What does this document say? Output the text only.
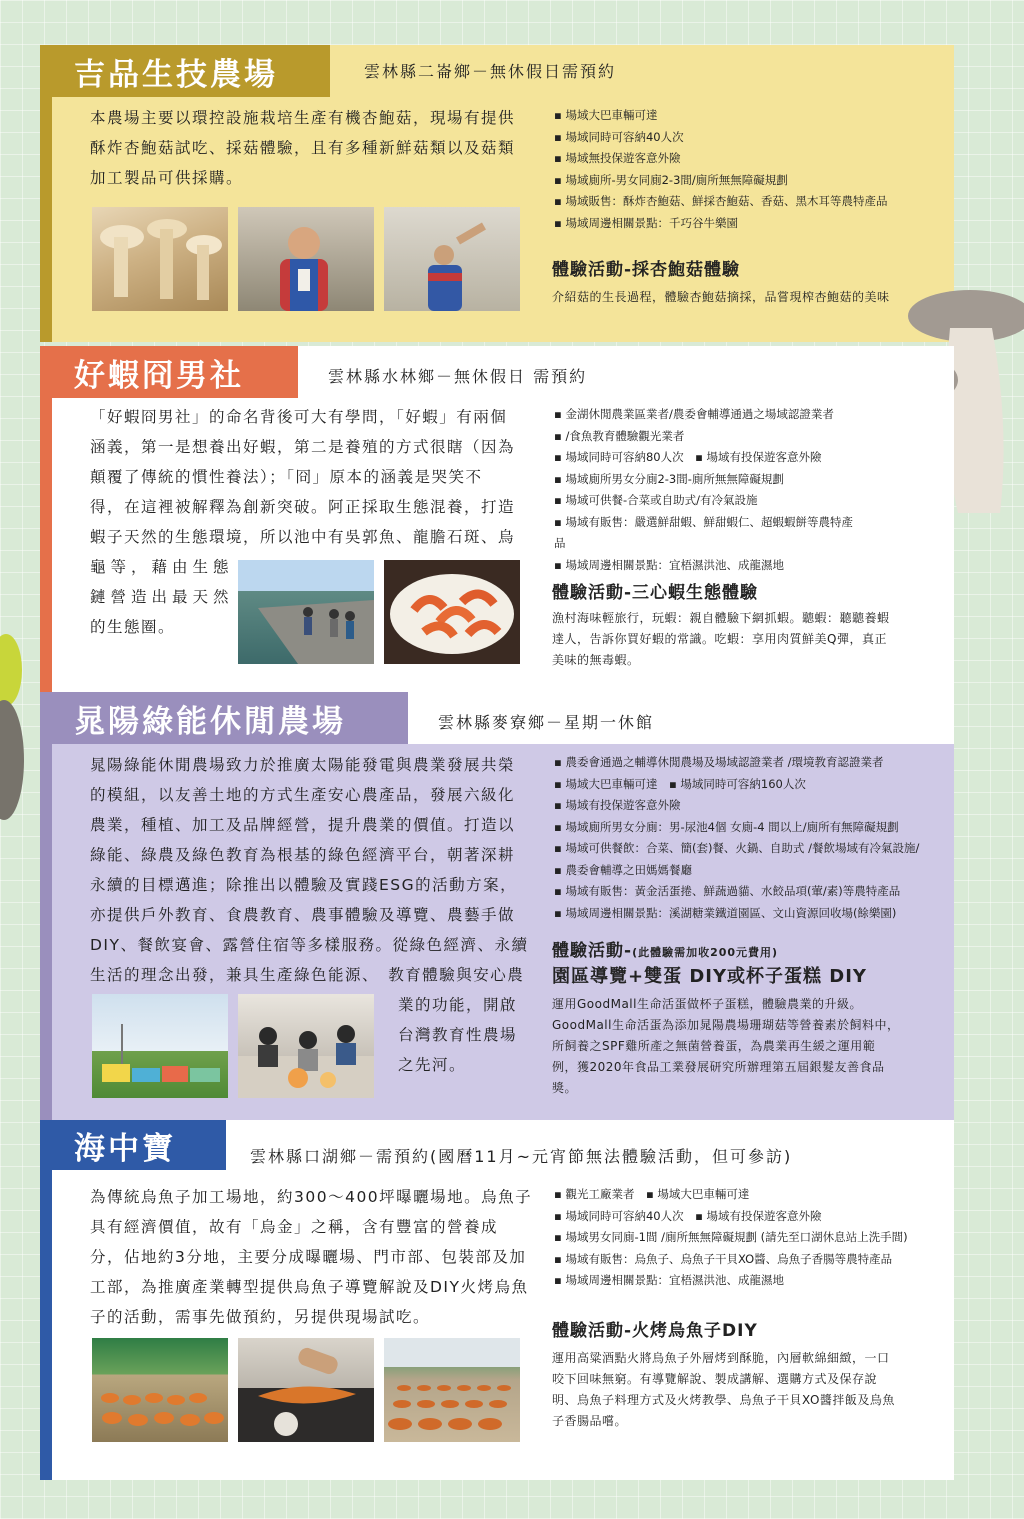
吉品生技農場	雲林縣二崙鄉－無休假日需預約
本農場主要以環控設施栽培生產有機杏鮑菇，現場有提供
酥炸杏鮑菇試吃、採菇體驗，且有多種新鮮菇類以及菇類
加工製品可供採購。
▪ 場域大巴車輛可達
▪ 場域同時可容納40人次
▪ 場域無投保遊客意外險
▪ 場域廁所-男女同廁2-3間/廁所無無障礙規劃
▪ 場域販售：酥炸杏鮑菇、鮮採杏鮑菇、香菇、黑木耳等農特產品
▪ 場域周邊相關景點：千巧谷牛樂園
體驗活動-採杏鮑菇體驗
介紹菇的生長過程，體驗杏鮑菇摘採，品嘗現榨杏鮑菇的美味
好蝦冏男社	雲林縣水林鄉－無休假日 需預約
「好蝦冏男社」的命名背後可大有學問，「好蝦」有兩個
涵義，第一是想養出好蝦，第二是養殖的方式很瞎（因為
顛覆了傳統的慣性養法）；「冏」原本的涵義是哭笑不
得，在這裡被解釋為創新突破。阿正採取生態混養，打造
蝦子天然的生態環境，所以池中有吳郭魚、龍膽石斑、烏
龜等，藉由生態
鏈營造出最天然
的生態圈。
▪ 金湖休閒農業區業者/農委會輔導通過之場域認證業者
▪ /食魚教育體驗觀光業者
▪ 場域同時可容納80人次　▪ 場域有投保遊客意外險
▪ 場域廁所男女分廁2-3間-廁所無無障礙規劃
▪ 場域可供餐-合菜或自助式/有冷氣設施
▪ 場域有販售：嚴選鮮甜蝦、鮮甜蝦仁、超蝦蝦餅等農特產品
▪ 場域周邊相關景點：宜梧濕洪池、成龍濕地
體驗活動-三心蝦生態體驗
漁村海味輕旅行，玩蝦：親自體驗下網抓蝦。聽蝦：聽聽養蝦
達人，告訴你買好蝦的常識。吃蝦：享用肉質鮮美Q彈，真正
美味的無毒蝦。
晁陽綠能休閒農場	雲林縣麥寮鄉－星期一休館
晁陽綠能休閒農場致力於推廣太陽能發電與農業發展共榮
的模組，以友善土地的方式生產安心農產品，發展六級化
農業，種植、加工及品牌經營，提升農業的價值。打造以
綠能、綠農及綠色教育為根基的綠色經濟平台，朝著深耕
永續的目標邁進；除推出以體驗及實踐ESG的活動方案，
亦提供戶外教育、食農教育、農事體驗及導覽、農藝手做
DIY、餐飲宴會、露營住宿等多樣服務。從綠色經濟、永續
生活的理念出發，兼具生產綠色能源、　教育體驗與安心農
業的功能，開啟
台灣教育性農場
之先河。
▪ 農委會通過之輔導休閒農場及場域認證業者 /環境教育認證業者
▪ 場域大巴車輛可達　▪ 場域同時可容納160人次
▪ 場域有投保遊客意外險
▪ 場域廁所男女分廁：男-尿池4個 女廁-4 間以上/廁所有無障礙規劃
▪ 場域可供餐飲：合菜、簡(套)餐、火鍋、自助式 /餐飲場域有冷氣設施/
▪ 農委會輔導之田媽媽餐廳
▪ 場域有販售：黃金活蛋捲、鮮蔬過貓、水餃品項(葷/素)等農特產品
▪ 場域周邊相關景點：溪湖糖業鐵道園區、文山資源回收場(餘樂園)
體驗活動-(此體驗需加收200元費用)
園區導覽+雙蛋 DIY或杯子蛋糕 DIY
運用GoodMall生命活蛋做杯子蛋糕，體驗農業的升級。
GoodMall生命活蛋為添加晁陽農場珊瑚菇等營養素於飼料中，
所飼養之SPF雞所產之無菌營養蛋，為農業再生緩之運用範
例，獲2020年食品工業發展研究所辦理第五屆銀髮友善食品
獎。
海中寶	雲林縣口湖鄉－需預約(國曆11月~元宵節無法體驗活動，但可參訪)
為傳統烏魚子加工場地，約300～400坪曝曬場地。烏魚子
具有經濟價值，故有「烏金」之稱，含有豐富的營養成
分，佔地約3分地，主要分成曝曬場、門市部、包裝部及加
工部，為推廣產業轉型提供烏魚子導覽解說及DIY火烤烏魚
子的活動，需事先做預約，另提供現場試吃。
▪ 觀光工廠業者　▪ 場域大巴車輛可達
▪ 場域同時可容納40人次　▪ 場域有投保遊客意外險
▪ 場域男女同廁-1間 /廁所無無障礙規劃 (請先至口湖休息站上洗手間)
▪ 場域有販售：烏魚子、烏魚子干貝XO醬、烏魚子香腸等農特產品
▪ 場域周邊相關景點：宜梧濕洪池、成龍濕地
體驗活動-火烤烏魚子DIY
運用高粱酒點火將烏魚子外層烤到酥脆，內層軟綿細緻，一口
咬下回味無窮。有導覽解說、製成講解、選購方式及保存說
明、烏魚子料理方式及火烤教學、烏魚子干貝XO醬拌飯及烏魚
子香腸品嚐。
